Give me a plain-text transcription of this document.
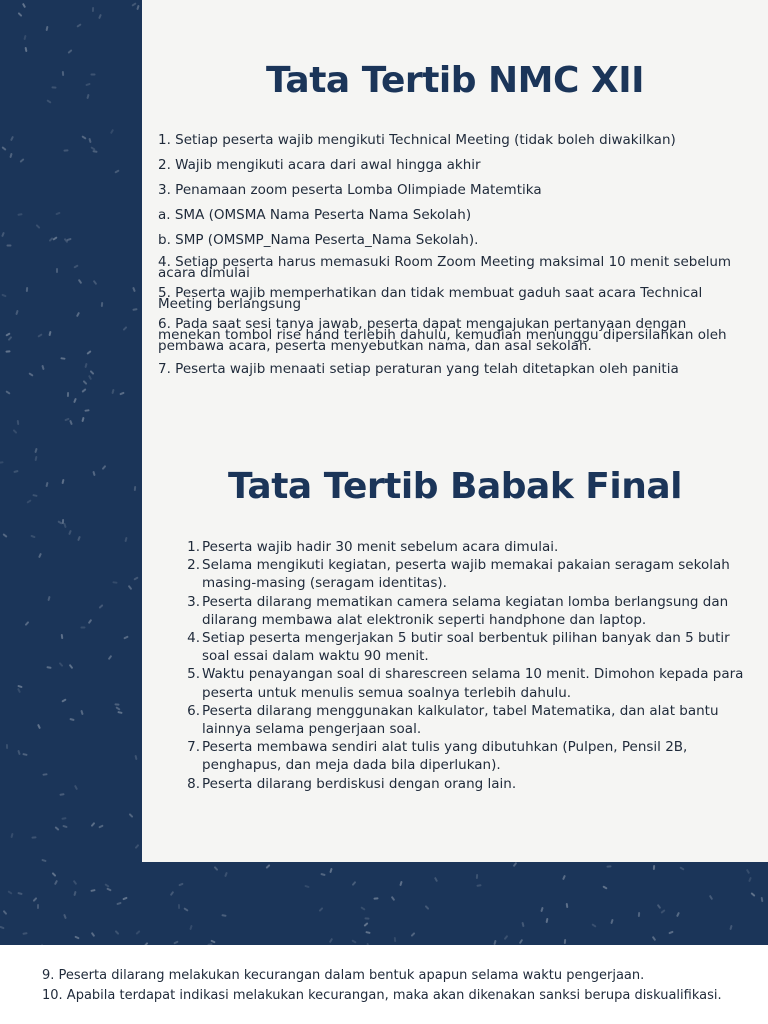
Tata Tertib NMC XII

1. Setiap peserta wajib mengikuti Technical Meeting (tidak boleh diwakilkan)

2. Wajib mengikuti acara dari awal hingga akhir

3. Penamaan zoom peserta Lomba Olimpiade Matemtika

a. SMA (OMSMA Nama Peserta Nama Sekolah)

b. SMP (OMSMP_Nama Peserta_Nama Sekolah).

4. Setiap peserta harus memasuki Room Zoom Meeting maksimal 10 menit sebelum acara dimulai

5. Peserta wajib memperhatikan dan tidak membuat gaduh saat acara Technical Meeting berlangsung

6. Pada saat sesi tanya jawab, peserta dapat mengajukan pertanyaan dengan menekan tombol rise hand terlebih dahulu, kemudian menunggu dipersilahkan oleh pembawa acara, peserta menyebutkan nama, dan asal sekolah.

7. Peserta wajib menaati setiap peraturan yang telah ditetapkan oleh panitia

Tata Tertib Babak Final
1. Peserta wajib hadir 30 menit sebelum acara dimulai.
2. Selama mengikuti kegiatan, peserta wajib memakai pakaian seragam sekolah masing-masing (seragam identitas).
3. Peserta dilarang mematikan camera selama kegiatan lomba berlangsung dan dilarang membawa alat elektronik seperti handphone dan laptop.
4. Setiap peserta mengerjakan 5 butir soal berbentuk pilihan banyak dan 5 butir soal essai dalam waktu 90 menit.
5. Waktu penayangan soal di sharescreen selama 10 menit. Dimohon kepada para peserta untuk menulis semua soalnya terlebih dahulu.
6. Peserta dilarang menggunakan kalkulator, tabel Matematika, dan alat bantu lainnya selama pengerjaan soal.
7. Peserta membawa sendiri alat tulis yang dibutuhkan (Pulpen, Pensil 2B, penghapus, dan meja dada bila diperlukan).
8. Peserta dilarang berdiskusi dengan orang lain.

9. Peserta dilarang melakukan kecurangan dalam bentuk apapun selama waktu pengerjaan.

10. Apabila terdapat indikasi melakukan kecurangan, maka akan dikenakan sanksi berupa diskualifikasi.
